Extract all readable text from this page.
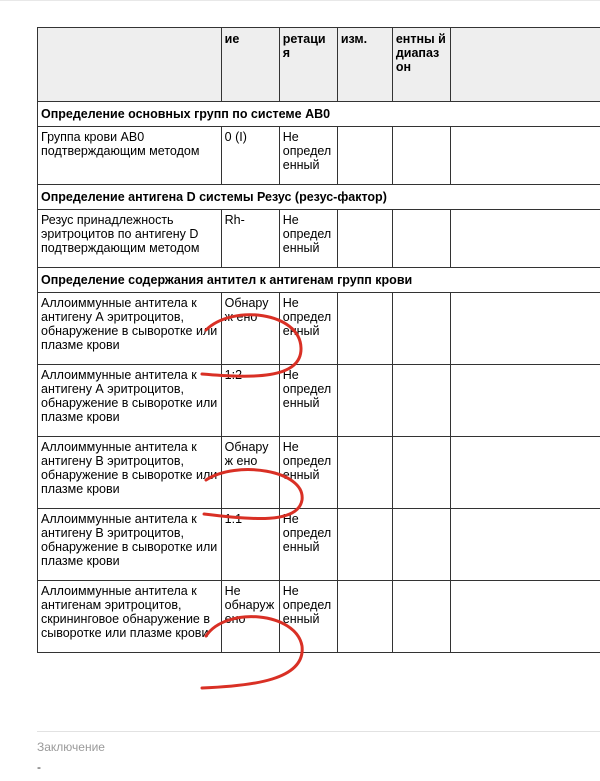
	ие	ретаци я	изм.	ентны й диапаз он	
Определение основных групп по системе АВ0					
Группа крови АВ0 подтверждающим методом	0 (I)	Не определ енный			
Определение антигена D системы Резус (резус-фактор)					
Резус принадлежность эритроцитов по антигену D подтверждающим методом	Rh-	Не определ енный			
Определение содержания антител к антигенам групп крови					
Аллоиммунные антитела к антигену А эритроцитов, обнаружение в сыворотке или плазме крови	Обнаруж ено	Не определ енный			
Аллоиммунные антитела к антигену А эритроцитов, обнаружение в сыворотке или плазме крови	1:2	Не определ енный			
Аллоиммунные антитела к антигену В эритроцитов, обнаружение в сыворотке или плазме крови	Обнаруж ено	Не определ енный			
Аллоиммунные антитела к антигену В эритроцитов, обнаружение в сыворотке или плазме крови	1:1	Не определ енный			
Аллоиммунные антитела к антигенам эритроцитов, скрининговое обнаружение в сыворотке или плазме крови	Не обнаруж ено	Не определ енный			
Заключение
-
